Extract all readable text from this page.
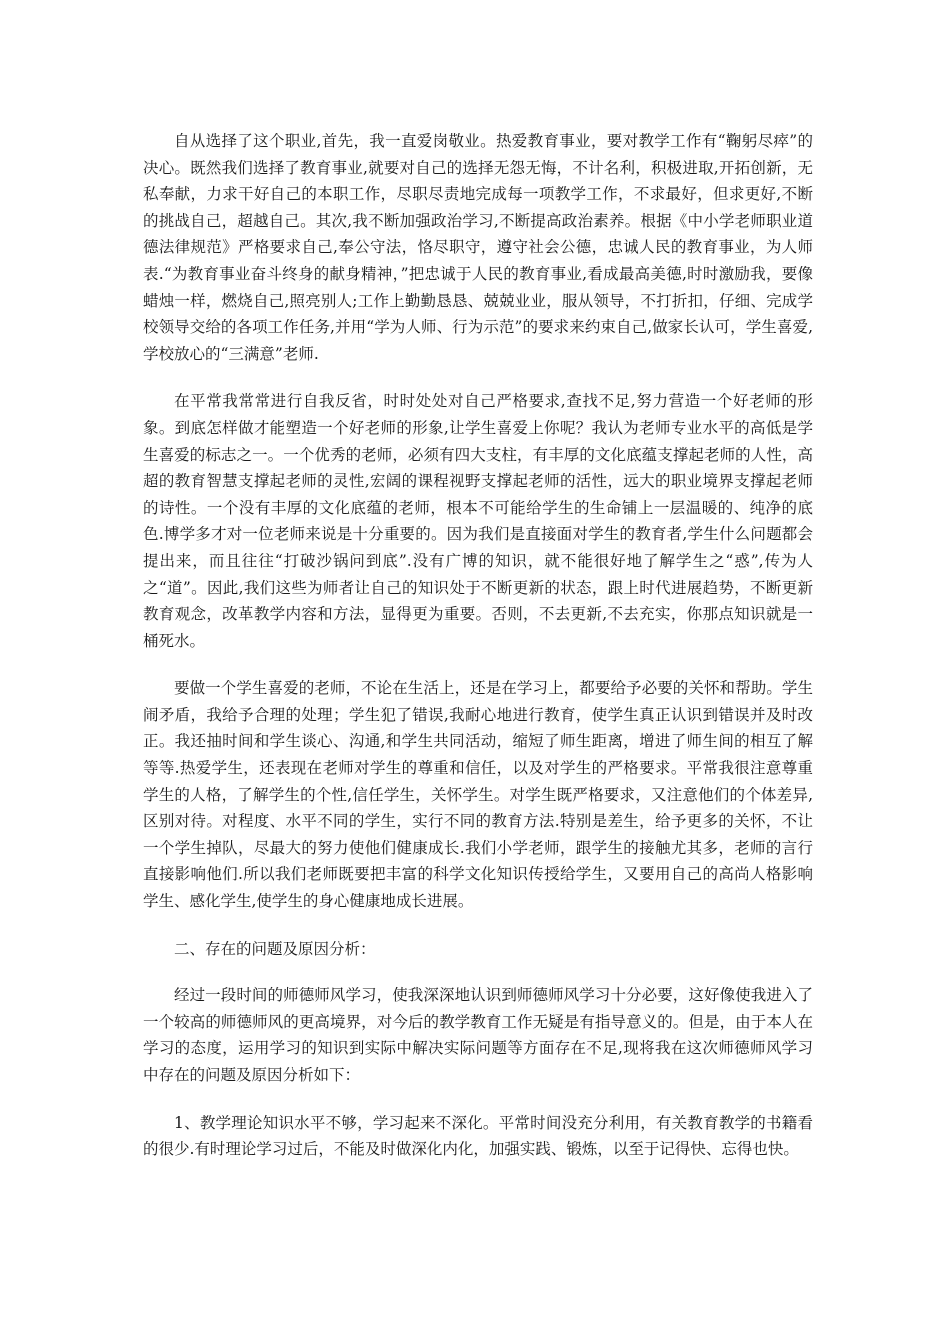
自从选择了这个职业,首先，我一直爱岗敬业。热爱教育事业，要对教学工作有“鞠躬尽瘁”的决心。既然我们选择了教育事业,就要对自己的选择无怨无悔，不计名利，积极进取,开拓创新，无私奉献，力求干好自己的本职工作，尽职尽责地完成每一项教学工作，不求最好，但求更好,不断的挑战自己，超越自己。其次,我不断加强政治学习,不断提高政治素养。根据《中小学老师职业道德法律规范》严格要求自己,奉公守法，恪尽职守，遵守社会公德，忠诚人民的教育事业，为人师表.“为教育事业奋斗终身的献身精神，”把忠诚于人民的教育事业,看成最高美德,时时激励我，要像蜡烛一样，燃烧自己,照亮别人;工作上勤勤恳恳、兢兢业业，服从领导，不打折扣，仔细、完成学校领导交给的各项工作任务,并用“学为人师、行为示范”的要求来约束自己,做家长认可，学生喜爱,学校放心的“三满意”老师.

在平常我常常进行自我反省，时时处处对自己严格要求,查找不足,努力营造一个好老师的形象。到底怎样做才能塑造一个好老师的形象,让学生喜爱上你呢？我认为老师专业水平的高低是学生喜爱的标志之一。一个优秀的老师，必须有四大支柱，有丰厚的文化底蕴支撑起老师的人性，高超的教育智慧支撑起老师的灵性,宏阔的课程视野支撑起老师的活性，远大的职业境界支撑起老师的诗性。一个没有丰厚的文化底蕴的老师，根本不可能给学生的生命铺上一层温暖的、纯净的底色.博学多才对一位老师来说是十分重要的。因为我们是直接面对学生的教育者,学生什么问题都会提出来，而且往往“打破沙锅问到底”.没有广博的知识，就不能很好地了解学生之“惑”,传为人之“道”。因此,我们这些为师者让自己的知识处于不断更新的状态，跟上时代进展趋势，不断更新教育观念，改革教学内容和方法，显得更为重要。否则，不去更新,不去充实，你那点知识就是一桶死水。

要做一个学生喜爱的老师，不论在生活上，还是在学习上，都要给予必要的关怀和帮助。学生闹矛盾，我给予合理的处理；学生犯了错误,我耐心地进行教育，使学生真正认识到错误并及时改正。我还抽时间和学生谈心、沟通,和学生共同活动，缩短了师生距离，增进了师生间的相互了解等等.热爱学生，还表现在老师对学生的尊重和信任，以及对学生的严格要求。平常我很注意尊重学生的人格，了解学生的个性,信任学生，关怀学生。对学生既严格要求，又注意他们的个体差异,区别对待。对程度、水平不同的学生，实行不同的教育方法.特别是差生，给予更多的关怀，不让一个学生掉队，尽最大的努力使他们健康成长.我们小学老师，跟学生的接触尤其多，老师的言行直接影响他们.所以我们老师既要把丰富的科学文化知识传授给学生，又要用自己的高尚人格影响学生、感化学生,使学生的身心健康地成长进展。

二、存在的问题及原因分析：

经过一段时间的师德师风学习，使我深深地认识到师德师风学习十分必要，这好像使我进入了一个较高的师德师风的更高境界，对今后的教学教育工作无疑是有指导意义的。但是，由于本人在学习的态度，运用学习的知识到实际中解决实际问题等方面存在不足,现将我在这次师德师风学习中存在的问题及原因分析如下：

1、教学理论知识水平不够，学习起来不深化。平常时间没充分利用，有关教育教学的书籍看的很少.有时理论学习过后，不能及时做深化内化，加强实践、锻炼，以至于记得快、忘得也快。
